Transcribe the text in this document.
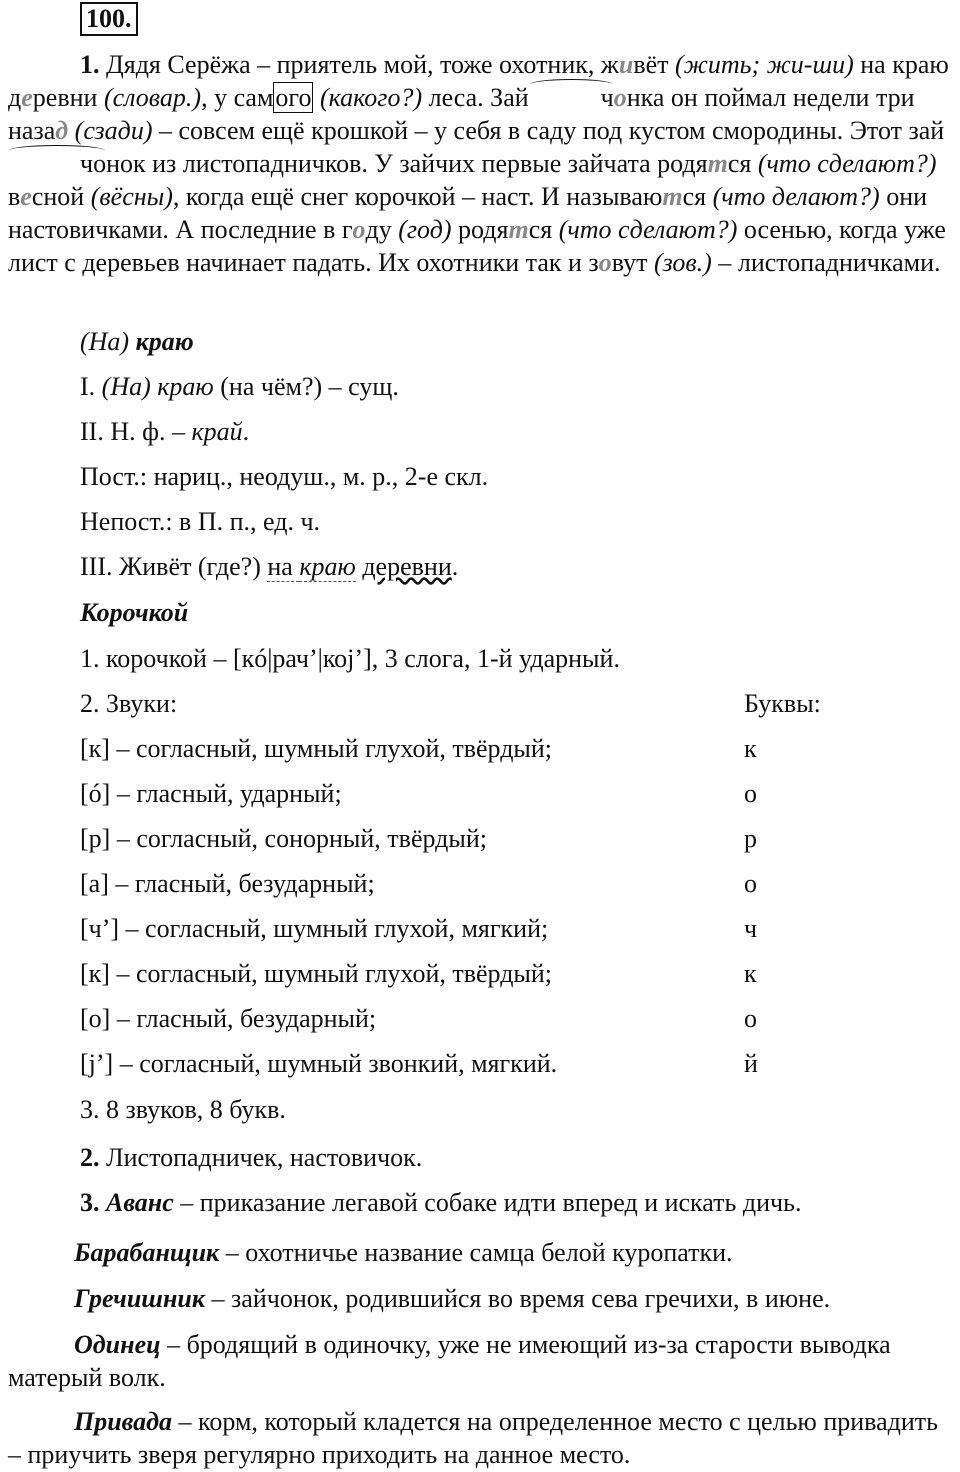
100.

1. Дядя Серёжа – приятель мой, тоже охотник, живёт (жить; жи-ши) на краю деревни (словар.), у самого (какого?) леса. Зай	чонка он поймал недели три назад (сзади) – совсем ещё крошкой – у себя в саду под кустом смородины. Этот зайчонок из листопадничков. У зайчих первые зайчата родятся (что сделают?) весной (вёсны), когда ещё снег корочкой – наст. И называются (что делают?) они настовичками. А последние в году (год) родятся (что сделают?) осенью, когда уже лист с деревьев начинает падать. Их охотники так и зовут (зов.) – листопадничками.

(На) краю
I. (На) краю (на чём?) – сущ.
II. Н. ф. – край.
Пост.: нариц., неодуш., м. р., 2-е скл.
Непост.: в П. п., ед. ч.
III. Живёт (где?) на краю деревни.
Корочкой
1. корочкой – [кó|рач’|коj’], 3 слога, 1-й ударный.
2. Звуки:	Буквы:
[к] – согласный, шумный глухой, твёрдый;	к
[ó] – гласный, ударный;	о
[р] – согласный, сонорный, твёрдый;	р
[а] – гласный, безударный;	о
[ч’] – согласный, шумный глухой, мягкий;	ч
[к] – согласный, шумный глухой, твёрдый;	к
[о] – гласный, безударный;	о
[j’] – согласный, шумный звонкий, мягкий.	й
3. 8 звуков, 8 букв.
2. Листопадничек, настовичок.
3. Аванс – приказание легавой собаке идти вперед и искать дичь.

Барабанщик – охотничье название самца белой куропатки.

Гречишник – зайчонок, родившийся во время сева гречихи, в июне.

Одинец – бродящий в одиночку, уже не имеющий из-за старости выводка матерый волк.

Привада – корм, который кладется на определенное место с целью привадить – приучить зверя регулярно приходить на данное место.
